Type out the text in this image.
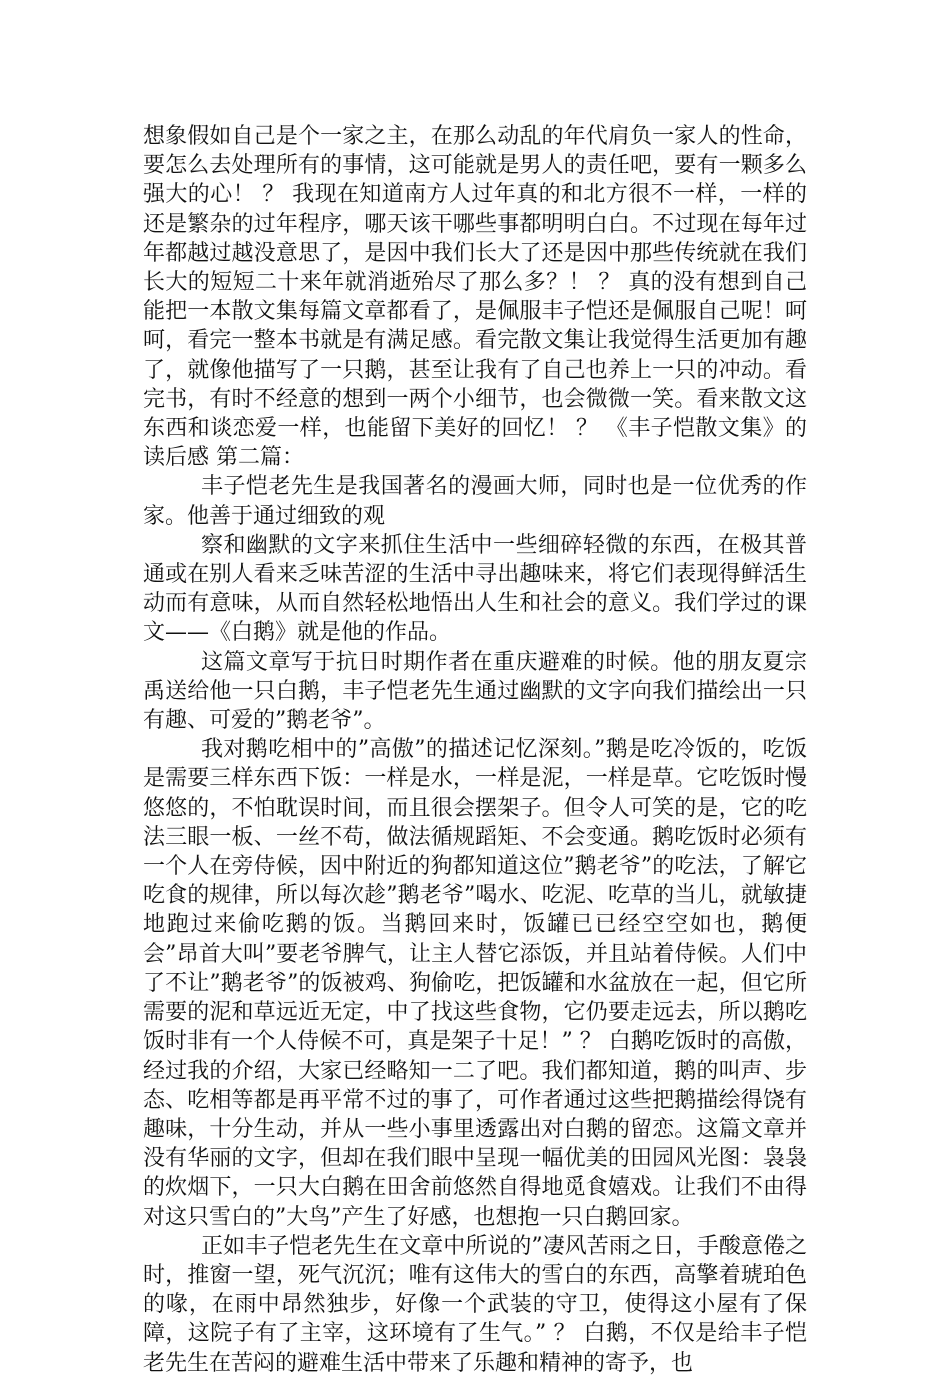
想象假如自己是个一家之主，在那么动乱的年代肩负一家人的性命，要怎么去处理所有的事情，这可能就是男人的责任吧，要有一颗多么强大的心！ ？ 我现在知道南方人过年真的和北方很不一样，一样的还是繁杂的过年程序，哪天该干哪些事都明明白白。不过现在每年过年都越过越没意思了，是因中我们长大了还是因中那些传统就在我们长大的短短二十来年就消逝殆尽了那么多？！ ？ 真的没有想到自己能把一本散文集每篇文章都看了，是佩服丰子恺还是佩服自己呢！呵呵，看完一整本书就是有满足感。看完散文集让我觉得生活更加有趣了，就像他描写了一只鹅，甚至让我有了自己也养上一只的冲动。看完书，有时不经意的想到一两个小细节，也会微微一笑。看来散文这东西和谈恋爱一样，也能留下美好的回忆！ ？ 《丰子恺散文集》的读后感 第二篇：

丰子恺老先生是我国著名的漫画大师，同时也是一位优秀的作家。他善于通过细致的观

察和幽默的文字来抓住生活中一些细碎轻微的东西，在极其普通或在别人看来乏味苦涩的生活中寻出趣味来，将它们表现得鲜活生动而有意味，从而自然轻松地悟出人生和社会的意义。我们学过的课文——《白鹅》就是他的作品。

这篇文章写于抗日时期作者在重庆避难的时候。他的朋友夏宗禹送给他一只白鹅，丰子恺老先生通过幽默的文字向我们描绘出一只有趣、可爱的”鹅老爷”。

我对鹅吃相中的”高傲”的描述记忆深刻。”鹅是吃冷饭的，吃饭是需要三样东西下饭：一样是水，一样是泥，一样是草。它吃饭时慢悠悠的，不怕耽误时间，而且很会摆架子。但令人可笑的是，它的吃法三眼一板、一丝不苟，做法循规蹈矩、不会变通。鹅吃饭时必须有一个人在旁侍候，因中附近的狗都知道这位”鹅老爷”的吃法，了解它吃食的规律，所以每次趁”鹅老爷”喝水、吃泥、吃草的当儿，就敏捷地跑过来偷吃鹅的饭。当鹅回来时，饭罐已已经空空如也，鹅便会”昂首大叫”要老爷脾气，让主人替它添饭，并且站着侍候。人们中了不让”鹅老爷”的饭被鸡、狗偷吃，把饭罐和水盆放在一起，但它所需要的泥和草远近无定，中了找这些食物，它仍要走远去，所以鹅吃饭时非有一个人侍候不可，真是架子十足！” ？ 白鹅吃饭时的高傲，经过我的介绍，大家已经略知一二了吧。我们都知道，鹅的叫声、步态、吃相等都是再平常不过的事了，可作者通过这些把鹅描绘得饶有趣味，十分生动，并从一些小事里透露出对白鹅的留恋。这篇文章并没有华丽的文字，但却在我们眼中呈现一幅优美的田园风光图：袅袅的炊烟下，一只大白鹅在田舍前悠然自得地觅食嬉戏。让我们不由得对这只雪白的”大鸟”产生了好感，也想抱一只白鹅回家。

正如丰子恺老先生在文章中所说的”凄风苦雨之日，手酸意倦之时，推窗一望，死气沉沉；唯有这伟大的雪白的东西，高擎着琥珀色的喙，在雨中昂然独步，好像一个武装的守卫，使得这小屋有了保障，这院子有了主宰，这环境有了生气。” ？ 白鹅，不仅是给丰子恺老先生在苦闷的避难生活中带来了乐趣和精神的寄予，也
